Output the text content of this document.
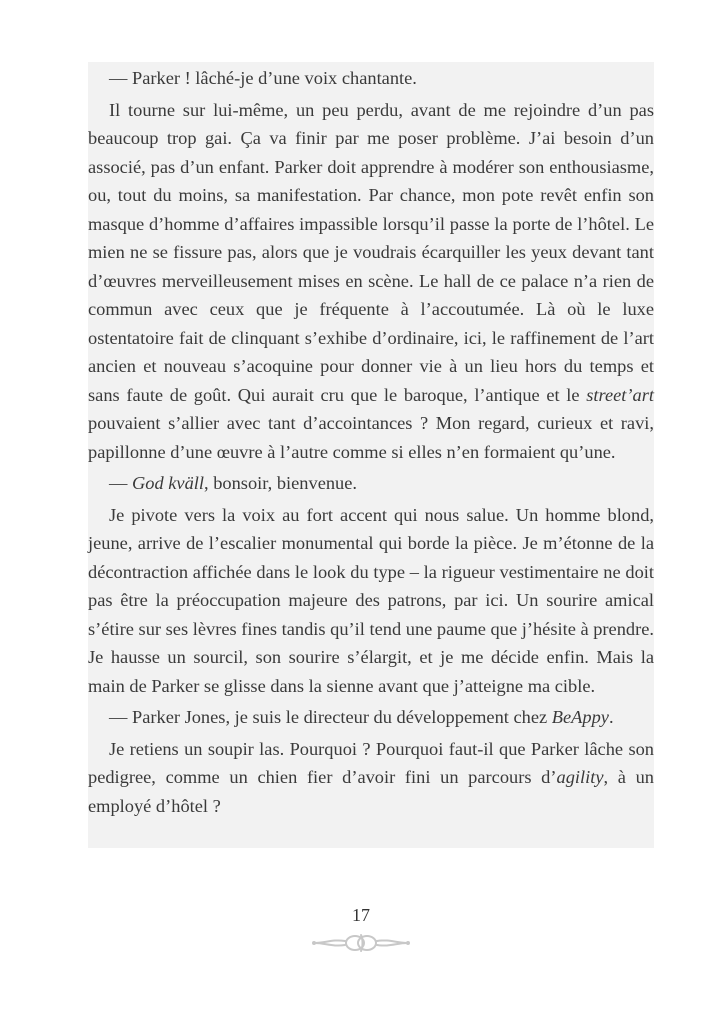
— Parker ! lâché-je d’une voix chantante.

Il tourne sur lui-même, un peu perdu, avant de me rejoindre d’un pas beaucoup trop gai. Ça va finir par me poser problème. J’ai besoin d’un associé, pas d’un enfant. Parker doit apprendre à modérer son enthousiasme, ou, tout du moins, sa manifestation. Par chance, mon pote revêt enfin son masque d’homme d’affaires impassible lorsqu’il passe la porte de l’hôtel. Le mien ne se fissure pas, alors que je voudrais écarquiller les yeux devant tant d’œuvres merveilleusement mises en scène. Le hall de ce palace n’a rien de commun avec ceux que je fréquente à l’accoutumée. Là où le luxe ostentatoire fait de clinquant s’exhibe d’ordinaire, ici, le raffinement de l’art ancien et nouveau s’acoquine pour donner vie à un lieu hors du temps et sans faute de goût. Qui aurait cru que le baroque, l’antique et le street’art pouvaient s’allier avec tant d’accointances ? Mon regard, curieux et ravi, papillonne d’une œuvre à l’autre comme si elles n’en formaient qu’une.

— God kväll, bonsoir, bienvenue.

Je pivote vers la voix au fort accent qui nous salue. Un homme blond, jeune, arrive de l’escalier monumental qui borde la pièce. Je m’étonne de la décontraction affichée dans le look du type – la rigueur vestimentaire ne doit pas être la préoccupation majeure des patrons, par ici. Un sourire amical s’étire sur ses lèvres fines tandis qu’il tend une paume que j’hésite à prendre. Je hausse un sourcil, son sourire s’élargit, et je me décide enfin. Mais la main de Parker se glisse dans la sienne avant que j’atteigne ma cible.

— Parker Jones, je suis le directeur du développement chez BeAppy.

Je retiens un soupir las. Pourquoi ? Pourquoi faut-il que Parker lâche son pedigree, comme un chien fier d’avoir fini un parcours d’agility, à un employé d’hôtel ?

17
